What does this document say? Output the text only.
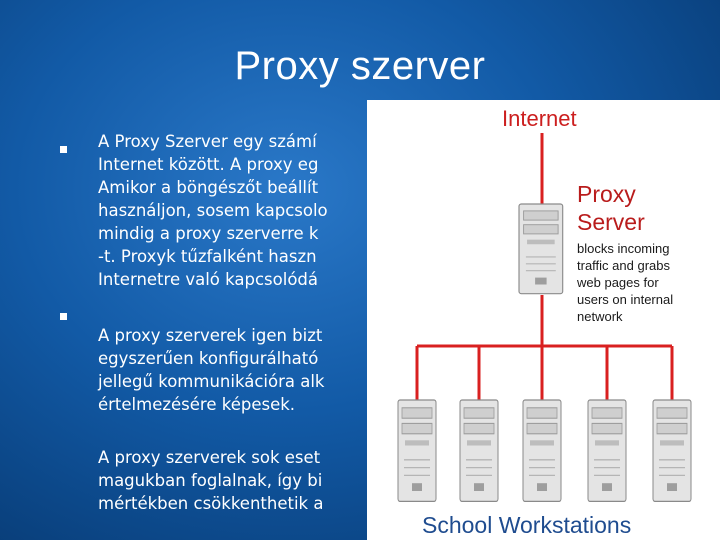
Proxy szerver
A Proxy Szerver egy számí
Internet között. A proxy eg
Amikor a böngészőt beállít
használjon, sosem kapcsolo
mindig a proxy szerverre k
-t. Proxyk tűzfalként haszn
Internetre való kapcsolódá
A proxy szerverek igen bizt
egyszerűen konfigurálható
jellegű kommunikációra alk
értelmezésére képesek.
A proxy szerverek sok eset
magukban foglalnak, így bi
mértékben csökkenthetik a
Internet
Proxy
Server
blocks incoming
traffic and grabs
web pages for
users on internal
network
School Workstations
